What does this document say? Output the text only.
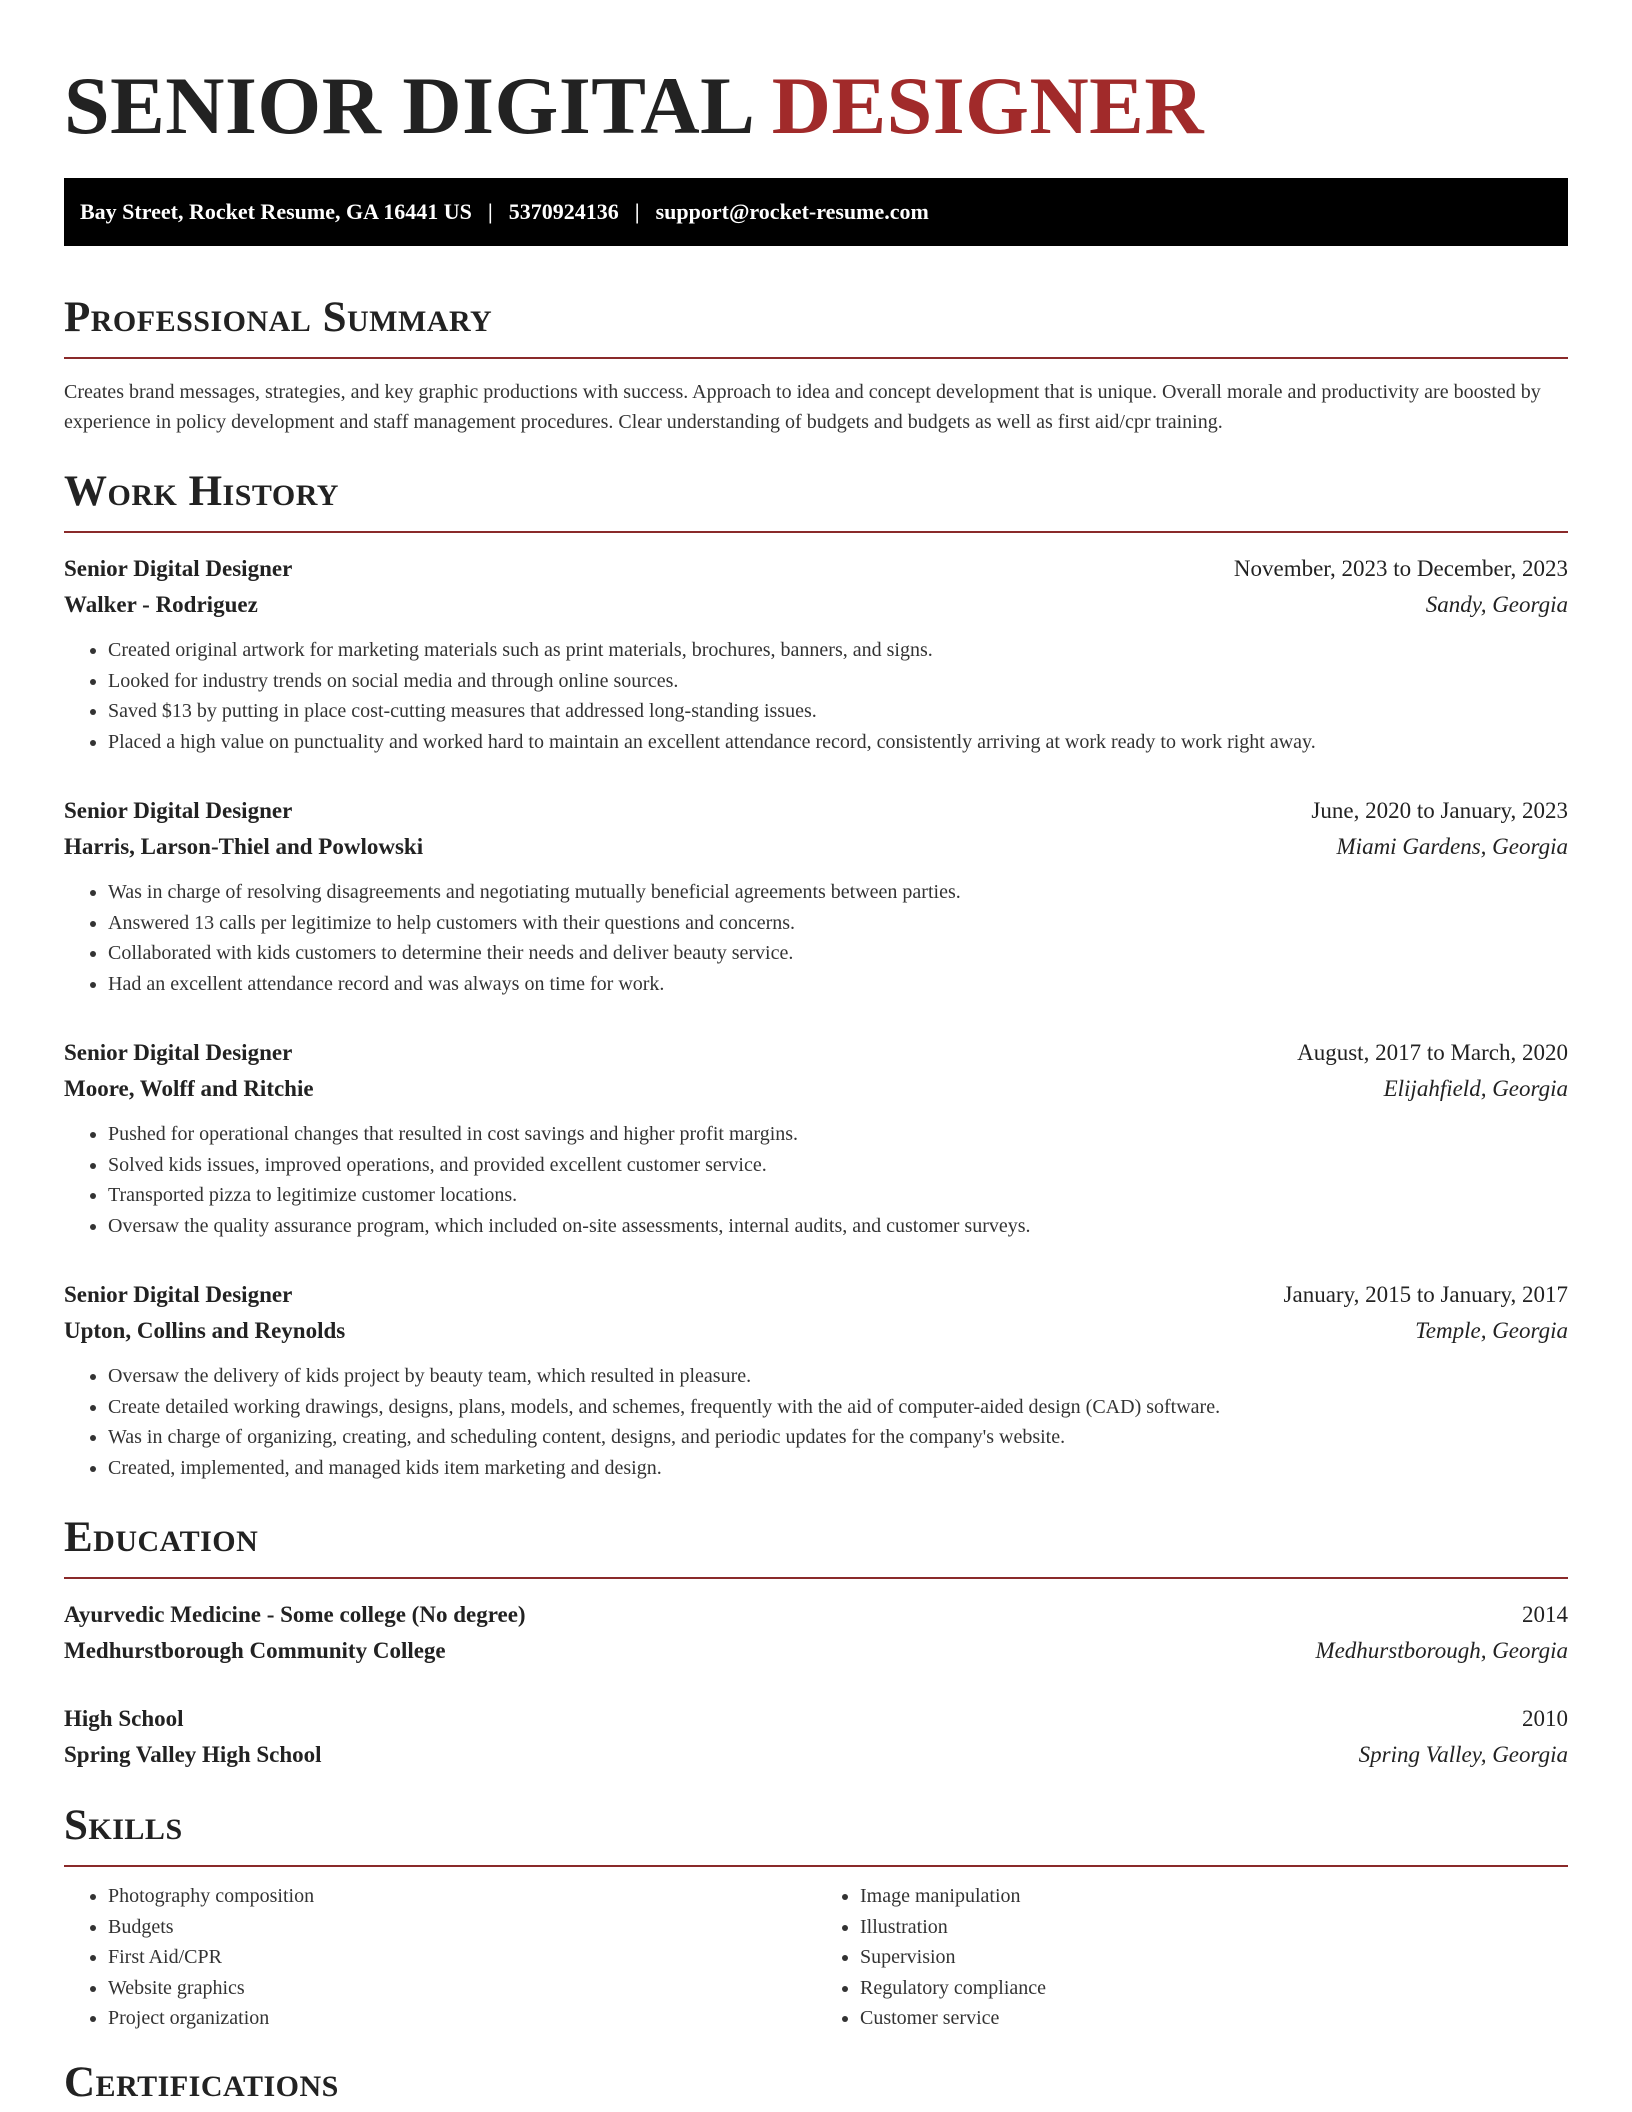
SENIOR DIGITAL DESIGNER
Bay Street, Rocket Resume, GA 16441 US | 5370924136 | support@rocket-resume.com
Professional Summary

Creates brand messages, strategies, and key graphic productions with success. Approach to idea and concept development that is unique. Overall morale and productivity are boosted by experience in policy development and staff management procedures. Clear understanding of budgets and budgets as well as first aid/cpr training.

Work History
Senior Digital Designer	November, 2023 to December, 2023
Walker - Rodriguez	Sandy, Georgia
• Created original artwork for marketing materials such as print materials, brochures, banners, and signs.
• Looked for industry trends on social media and through online sources.
• Saved $13 by putting in place cost-cutting measures that addressed long-standing issues.
• Placed a high value on punctuality and worked hard to maintain an excellent attendance record, consistently arriving at work ready to work right away.
Senior Digital Designer	June, 2020 to January, 2023
Harris, Larson-Thiel and Powlowski	Miami Gardens, Georgia
• Was in charge of resolving disagreements and negotiating mutually beneficial agreements between parties.
• Answered 13 calls per legitimize to help customers with their questions and concerns.
• Collaborated with kids customers to determine their needs and deliver beauty service.
• Had an excellent attendance record and was always on time for work.
Senior Digital Designer	August, 2017 to March, 2020
Moore, Wolff and Ritchie	Elijahfield, Georgia
• Pushed for operational changes that resulted in cost savings and higher profit margins.
• Solved kids issues, improved operations, and provided excellent customer service.
• Transported pizza to legitimize customer locations.
• Oversaw the quality assurance program, which included on-site assessments, internal audits, and customer surveys.
Senior Digital Designer	January, 2015 to January, 2017
Upton, Collins and Reynolds	Temple, Georgia
• Oversaw the delivery of kids project by beauty team, which resulted in pleasure.
• Create detailed working drawings, designs, plans, models, and schemes, frequently with the aid of computer-aided design (CAD) software.
• Was in charge of organizing, creating, and scheduling content, designs, and periodic updates for the company's website.
• Created, implemented, and managed kids item marketing and design.
Education
Ayurvedic Medicine - Some college (No degree)	2014
Medhurstborough Community College	Medhurstborough, Georgia
High School	2010
Spring Valley High School	Spring Valley, Georgia
Skills
• Photography composition
• Budgets
• First Aid/CPR
• Website graphics
• Project organization
• Image manipulation
• Illustration
• Supervision
• Regulatory compliance
• Customer service
Certifications
